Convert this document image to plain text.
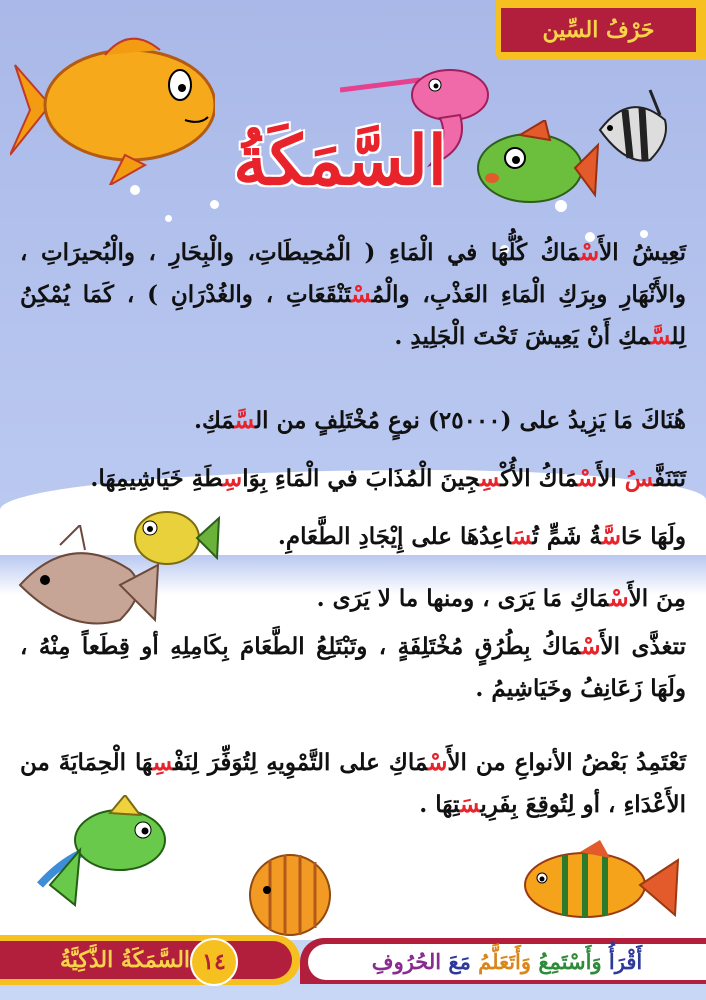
حَرْفُ السِّين
السَّمَكَةُ

تَعِيشُ الأَسْمَاكُ كُلُّهَا في الْمَاءِ ( الْمُحِيطَاتِ، والْبِحَارِ ، والْبُحيرَاتِ ، والأَنْهَارِ وبِرَكِ الْمَاءِ العَذْبِ، والْمُسْتَنْقَعَاتِ ، والغُدْرَانِ ) ، كَمَا يُمْكِنُ لِلسَّمكِ أَنْ يَعِيشَ تَحْتَ الْجَلِيدِ .

هُنَاكَ مَا يَزِيدُ على (٢٥٠٠٠) نوعٍ مُخْتَلِفٍ من السَّمَكِ.

تَتَنَفَّسُ الأَسْمَاكُ الأُكْسِجِينَ الْمُذَابَ في الْمَاءِ بِوَاسِطَةِ خَيَاشِيمِهَا.

ولَهَا حَاسَّةُ شَمٍّ تُسَاعِدُهَا على إِيْجَادِ الطَّعَامِ.

مِنَ الأَسْمَاكِ مَا يَرَى ، ومنها ما لا يَرَى .

تتغذَّى الأَسْمَاكُ بِطُرُقٍ مُخْتَلِفَةٍ ، وتَبْتَلِعُ الطَّعَامَ بِكَامِلِهِ أو قِطَعاً مِنْهُ ، ولَهَا زَعَانِفُ وخَيَاشِيمُ .

تَعْتَمِدُ بَعْضُ الأنواعِ من الأَسْمَاكِ على التَّمْوِيهِ لِتُوَفِّرَ لِنَفْسِهَا الْحِمَايَةَ من الأَعْدَاءِ ، أو لِتُوقِعَ بِفَرِيسَتِهَا .

السَّمَكَةُ الذَّكِيَّةُ ١٤	أَقْرَأُ وَأَسْتَمِعُ وَأَتَعَلَّمُ مَعَ الحُرُوفِ
